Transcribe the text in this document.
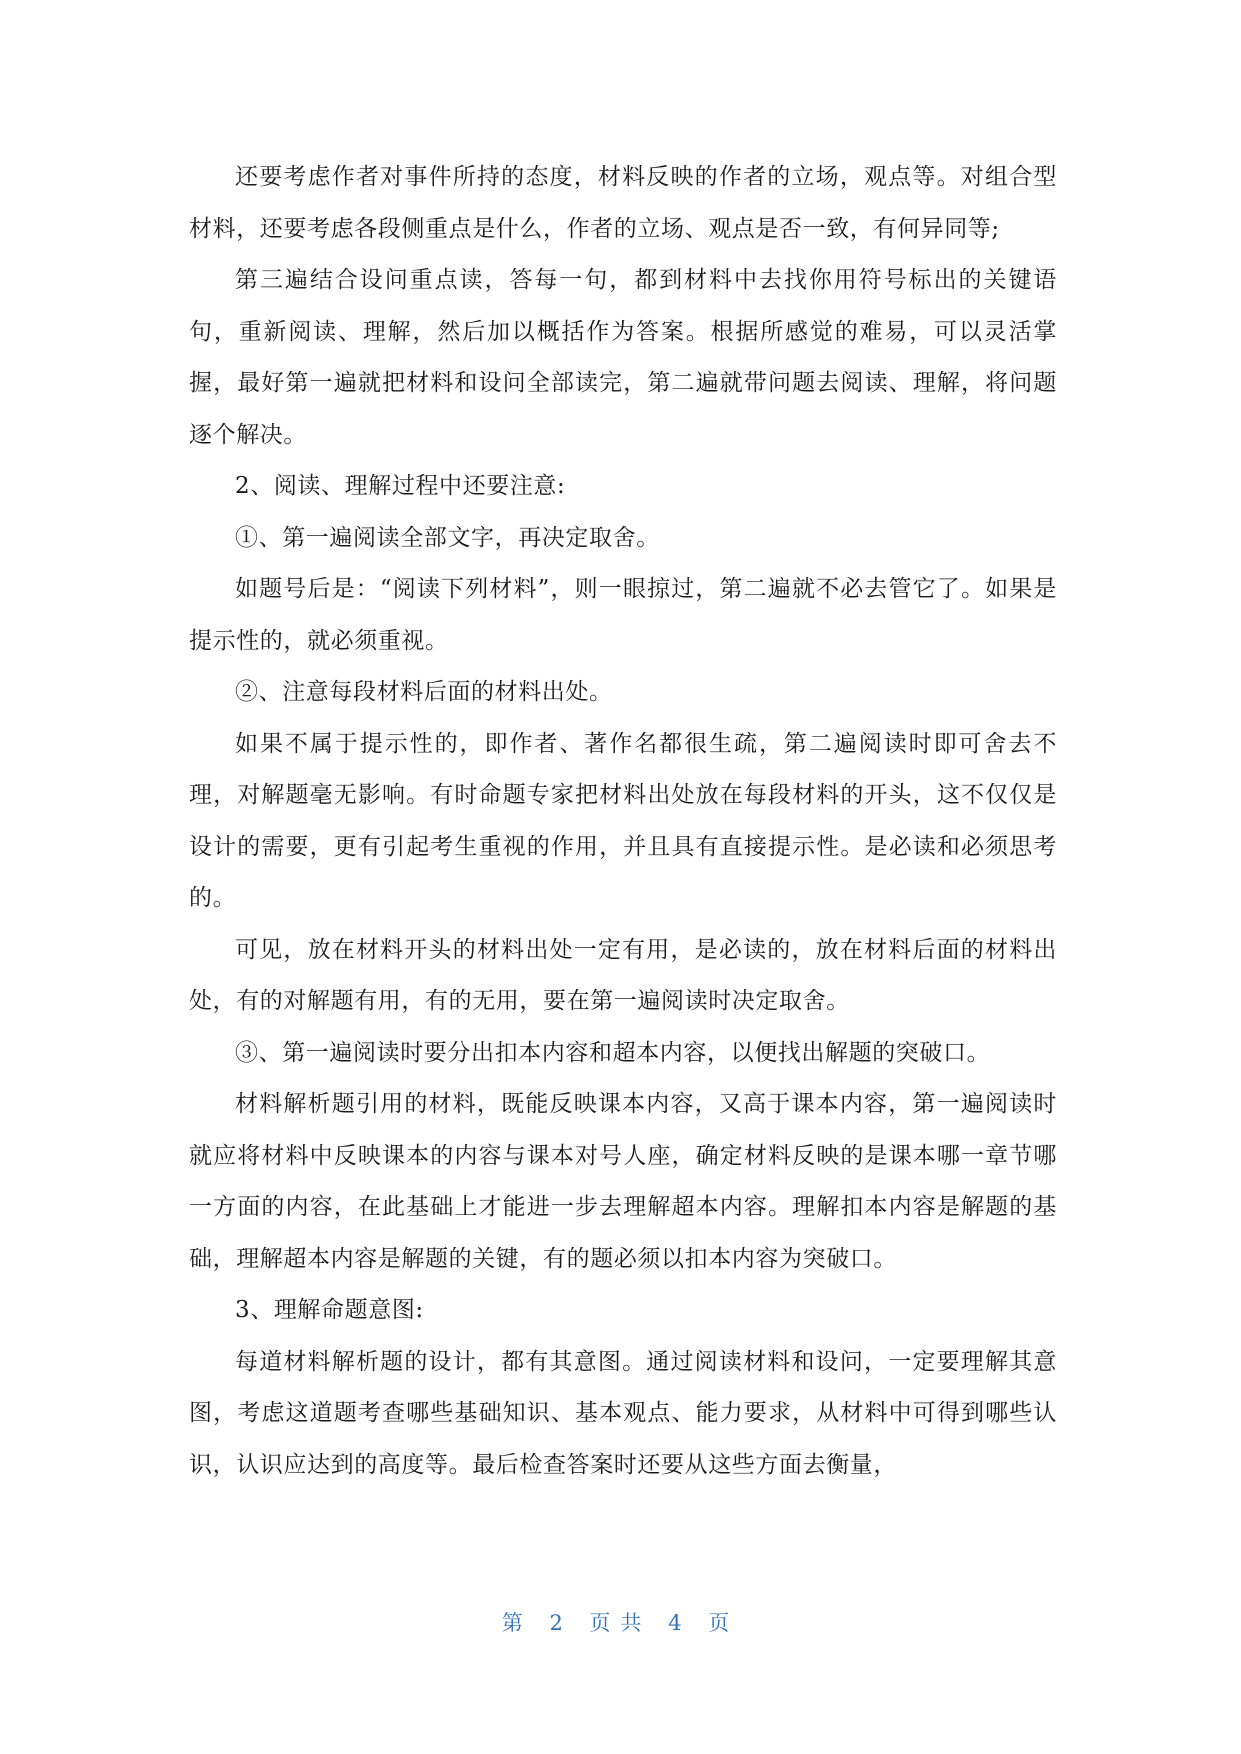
还要考虑作者对事件所持的态度，材料反映的作者的立场，观点等。对组合型材料，还要考虑各段侧重点是什么，作者的立场、观点是否一致，有何异同等;

第三遍结合设问重点读，答每一句，都到材料中去找你用符号标出的关键语句，重新阅读、理解，然后加以概括作为答案。根据所感觉的难易，可以灵活掌握，最好第一遍就把材料和设问全部读完，第二遍就带问题去阅读、理解，将问题逐个解决。

2、阅读、理解过程中还要注意:

①、第一遍阅读全部文字，再决定取舍。

如题号后是：“阅读下列材料”，则一眼掠过，第二遍就不必去管它了。如果是提示性的，就必须重视。

②、注意每段材料后面的材料出处。

如果不属于提示性的，即作者、著作名都很生疏，第二遍阅读时即可舍去不理，对解题毫无影响。有时命题专家把材料出处放在每段材料的开头，这不仅仅是设计的需要，更有引起考生重视的作用，并且具有直接提示性。是必读和必须思考的。

可见，放在材料开头的材料出处一定有用，是必读的，放在材料后面的材料出处，有的对解题有用，有的无用，要在第一遍阅读时决定取舍。

③、第一遍阅读时要分出扣本内容和超本内容，以便找出解题的突破口。

材料解析题引用的材料，既能反映课本内容，又高于课本内容，第一遍阅读时就应将材料中反映课本的内容与课本对号人座，确定材料反映的是课本哪一章节哪一方面的内容，在此基础上才能进一步去理解超本内容。理解扣本内容是解题的基础，理解超本内容是解题的关键，有的题必须以扣本内容为突破口。

3、理解命题意图:

每道材料解析题的设计，都有其意图。通过阅读材料和设问，一定要理解其意图，考虑这道题考查哪些基础知识、基本观点、能力要求，从材料中可得到哪些认识，认识应达到的高度等。最后检查答案时还要从这些方面去衡量，

第 2 页共 4 页
